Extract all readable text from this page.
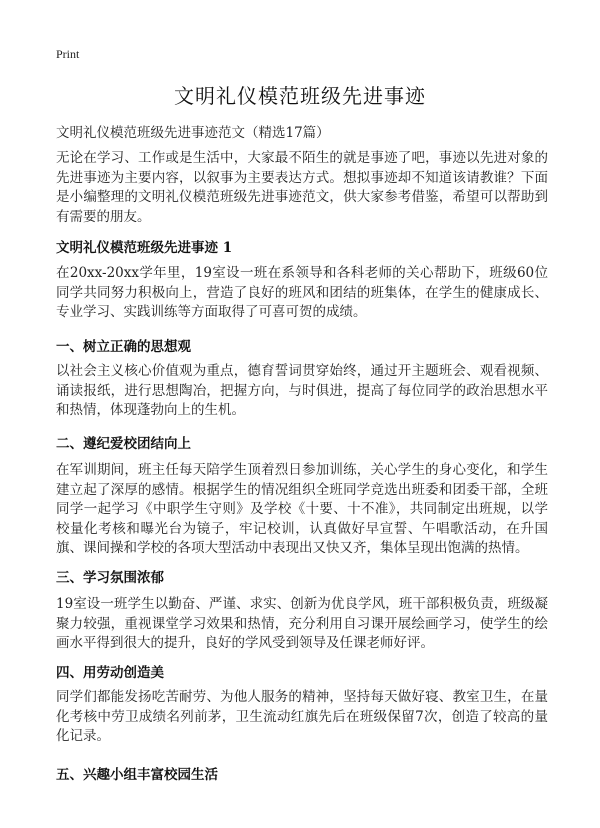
Print
文明礼仪模范班级先进事迹

文明礼仪模范班级先进事迹范文（精选17篇）

无论在学习、工作或是生活中，大家最不陌生的就是事迹了吧，事迹以先进对象的先进事迹为主要内容，以叙事为主要表达方式。想拟事迹却不知道该请教谁？下面是小编整理的文明礼仪模范班级先进事迹范文，供大家参考借鉴，希望可以帮助到有需要的朋友。

文明礼仪模范班级先进事迹 1

在20xx-20xx学年里，19室设一班在系领导和各科老师的关心帮助下，班级60位同学共同努力积极向上，营造了良好的班风和团结的班集体，在学生的健康成长、专业学习、实践训练等方面取得了可喜可贺的成绩。

一、树立正确的思想观

以社会主义核心价值观为重点，德育誓词贯穿始终，通过开主题班会、观看视频、诵读报纸，进行思想陶冶，把握方向，与时俱进，提高了每位同学的政治思想水平和热情，体现蓬勃向上的生机。

二、遵纪爱校团结向上

在军训期间，班主任每天陪学生顶着烈日参加训练，关心学生的身心变化，和学生建立起了深厚的感情。根据学生的情况组织全班同学竞选出班委和团委干部，全班同学一起学习《中职学生守则》及学校《十要、十不准》，共同制定出班规，以学校量化考核和曝光台为镜子，牢记校训，认真做好早宣誓、午唱歌活动，在升国旗、课间操和学校的各项大型活动中表现出又快又齐，集体呈现出饱满的热情。

三、学习氛围浓郁

19室设一班学生以勤奋、严谨、求实、创新为优良学风，班干部积极负责，班级凝聚力较强，重视课堂学习效果和热情，充分利用自习课开展绘画学习，使学生的绘画水平得到很大的提升，良好的学风受到领导及任课老师好评。

四、用劳动创造美

同学们都能发扬吃苦耐劳、为他人服务的精神，坚持每天做好寝、教室卫生，在量化考核中劳卫成绩名列前茅，卫生流动红旗先后在班级保留7次，创造了较高的量化记录。

五、兴趣小组丰富校园生活
